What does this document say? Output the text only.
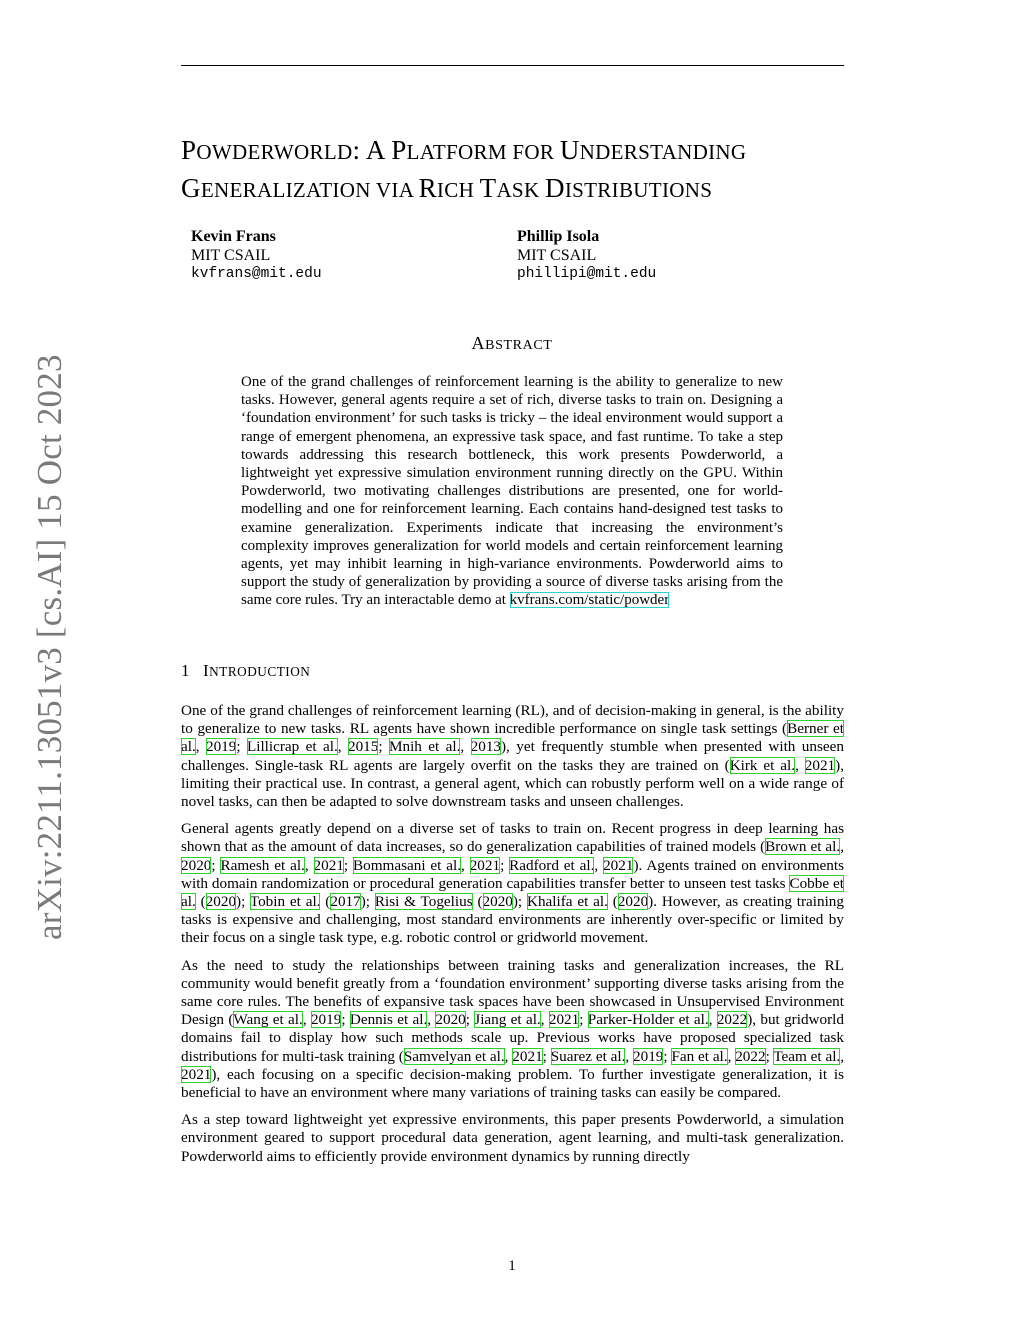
arXiv:2211.13051v3 [cs.AI] 15 Oct 2023
POWDERWORLD: A PLATFORM FOR UNDERSTANDING
GENERALIZATION VIA RICH TASK DISTRIBUTIONS
Kevin Frans
MIT CSAIL
kvfrans@mit.edu
Phillip Isola
MIT CSAIL
phillipi@mit.edu
ABSTRACT
One of the grand challenges of reinforcement learning is the ability to generalize to new tasks. However, general agents require a set of rich, diverse tasks to train on. Designing a ‘foundation environment’ for such tasks is tricky – the ideal environment would support a range of emergent phenomena, an expressive task space, and fast runtime. To take a step towards addressing this research bottleneck, this work presents Powderworld, a lightweight yet expressive simulation environment running directly on the GPU. Within Powderworld, two motivating challenges distributions are presented, one for world-modelling and one for reinforcement learning. Each contains hand-designed test tasks to examine generalization. Experiments indicate that increasing the environment’s complexity improves generalization for world models and certain reinforcement learning agents, yet may inhibit learning in high-variance environments. Powderworld aims to support the study of generalization by providing a source of diverse tasks arising from the same core rules. Try an interactable demo at kvfrans.com/static/powder
1 INTRODUCTION

One of the grand challenges of reinforcement learning (RL), and of decision-making in general, is the ability to generalize to new tasks. RL agents have shown incredible performance on single task settings (Berner et al., 2019; Lillicrap et al., 2015; Mnih et al., 2013), yet frequently stumble when presented with unseen challenges. Single-task RL agents are largely overfit on the tasks they are trained on (Kirk et al., 2021), limiting their practical use. In contrast, a general agent, which can robustly perform well on a wide range of novel tasks, can then be adapted to solve downstream tasks and unseen challenges.

General agents greatly depend on a diverse set of tasks to train on. Recent progress in deep learning has shown that as the amount of data increases, so do generalization capabilities of trained models (Brown et al., 2020; Ramesh et al., 2021; Bommasani et al., 2021; Radford et al., 2021). Agents trained on environments with domain randomization or procedural generation capabilities transfer better to unseen test tasks Cobbe et al. (2020); Tobin et al. (2017); Risi & Togelius (2020); Khalifa et al. (2020). However, as creating training tasks is expensive and challenging, most standard environments are inherently over-specific or limited by their focus on a single task type, e.g. robotic control or gridworld movement.

As the need to study the relationships between training tasks and generalization increases, the RL community would benefit greatly from a ‘foundation environment’ supporting diverse tasks arising from the same core rules. The benefits of expansive task spaces have been showcased in Unsupervised Environment Design (Wang et al., 2019; Dennis et al., 2020; Jiang et al., 2021; Parker-Holder et al., 2022), but gridworld domains fail to display how such methods scale up. Previous works have proposed specialized task distributions for multi-task training (Samvelyan et al., 2021; Suarez et al., 2019; Fan et al., 2022; Team et al., 2021), each focusing on a specific decision-making problem. To further investigate generalization, it is beneficial to have an environment where many variations of training tasks can easily be compared.

As a step toward lightweight yet expressive environments, this paper presents Powderworld, a simulation environment geared to support procedural data generation, agent learning, and multi-task generalization. Powderworld aims to efficiently provide environment dynamics by running directly

1
